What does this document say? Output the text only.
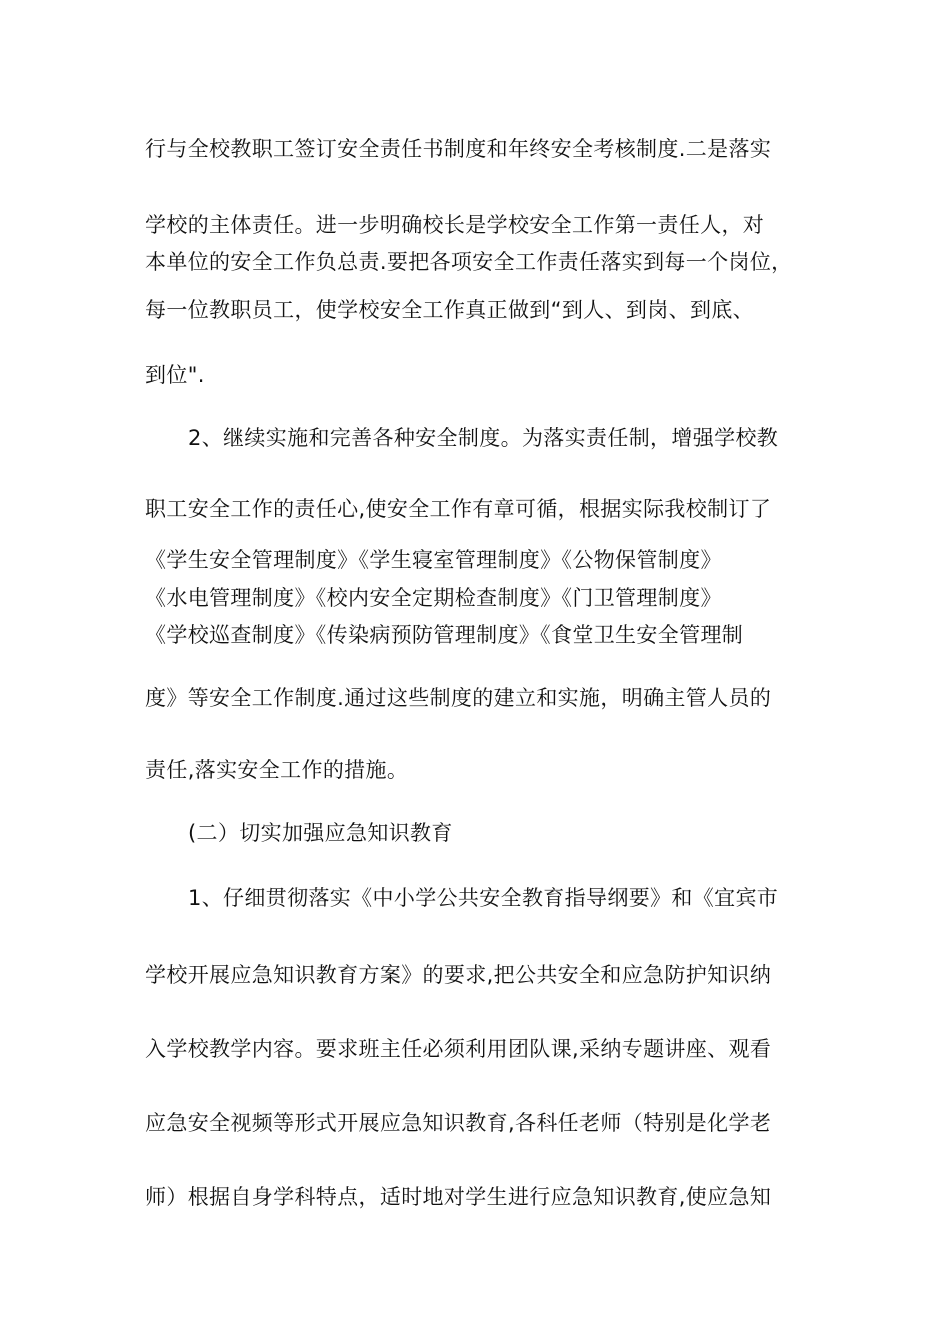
行与全校教职工签订安全责任书制度和年终安全考核制度.二是落实
学校的主体责任。进一步明确校长是学校安全工作第一责任人，对
本单位的安全工作负总责.要把各项安全工作责任落实到每一个岗位，
每一位教职员工，使学校安全工作真正做到“到人、到岗、到底、
到位".
2、继续实施和完善各种安全制度。为落实责任制，增强学校教
职工安全工作的责任心,使安全工作有章可循，根据实际我校制订了
《学生安全管理制度》《学生寝室管理制度》《公物保管制度》
《水电管理制度》《校内安全定期检查制度》《门卫管理制度》
《学校巡查制度》《传染病预防管理制度》《食堂卫生安全管理制
度》等安全工作制度.通过这些制度的建立和实施，明确主管人员的
责任,落实安全工作的措施。
(二）切实加强应急知识教育
1、仔细贯彻落实《中小学公共安全教育指导纲要》和《宜宾市
学校开展应急知识教育方案》的要求,把公共安全和应急防护知识纳
入学校教学内容。要求班主任必须利用团队课,采纳专题讲座、观看
应急安全视频等形式开展应急知识教育,各科任老师（特别是化学老
师）根据自身学科特点，适时地对学生进行应急知识教育,使应急知
